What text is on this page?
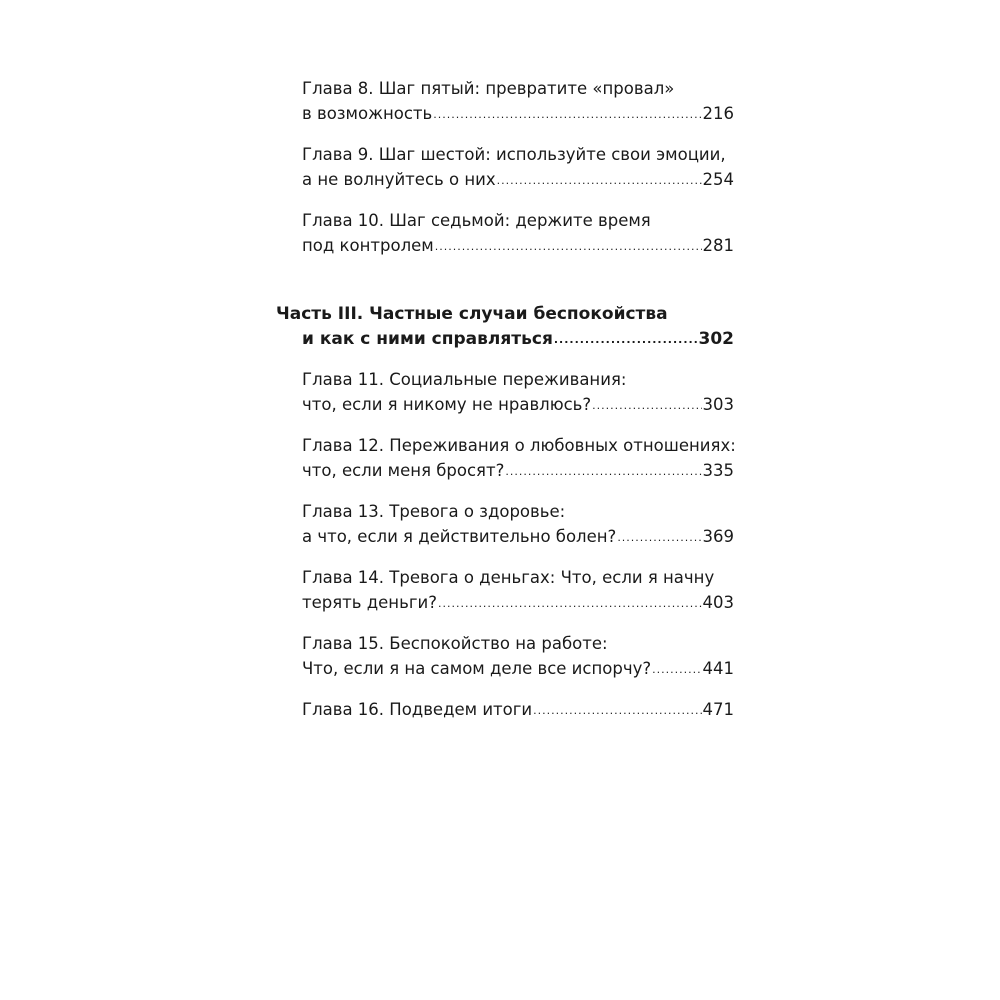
Глава 8. Шаг пятый: превратите «провал»
в возможность .....	216
Глава 9. Шаг шестой: используйте свои эмоции,
а не волнуйтесь о них .....	254
Глава 10. Шаг седьмой: держите время
под контролем .....	281
Часть III. Частные случаи беспокойства
и как с ними справляться .....	302
Глава 11. Социальные переживания:
что, если я никому не нравлюсь? .....	303
Глава 12. Переживания о любовных отношениях:
что, если меня бросят? .....	335
Глава 13. Тревога о здоровье:
а что, если я действительно болен? .....	369
Глава 14. Тревога о деньгах: Что, если я начну
терять деньги? .....	403
Глава 15. Беспокойство на работе:
Что, если я на самом деле все испорчу? .....	441
Глава 16. Подведем итоги .....	471
